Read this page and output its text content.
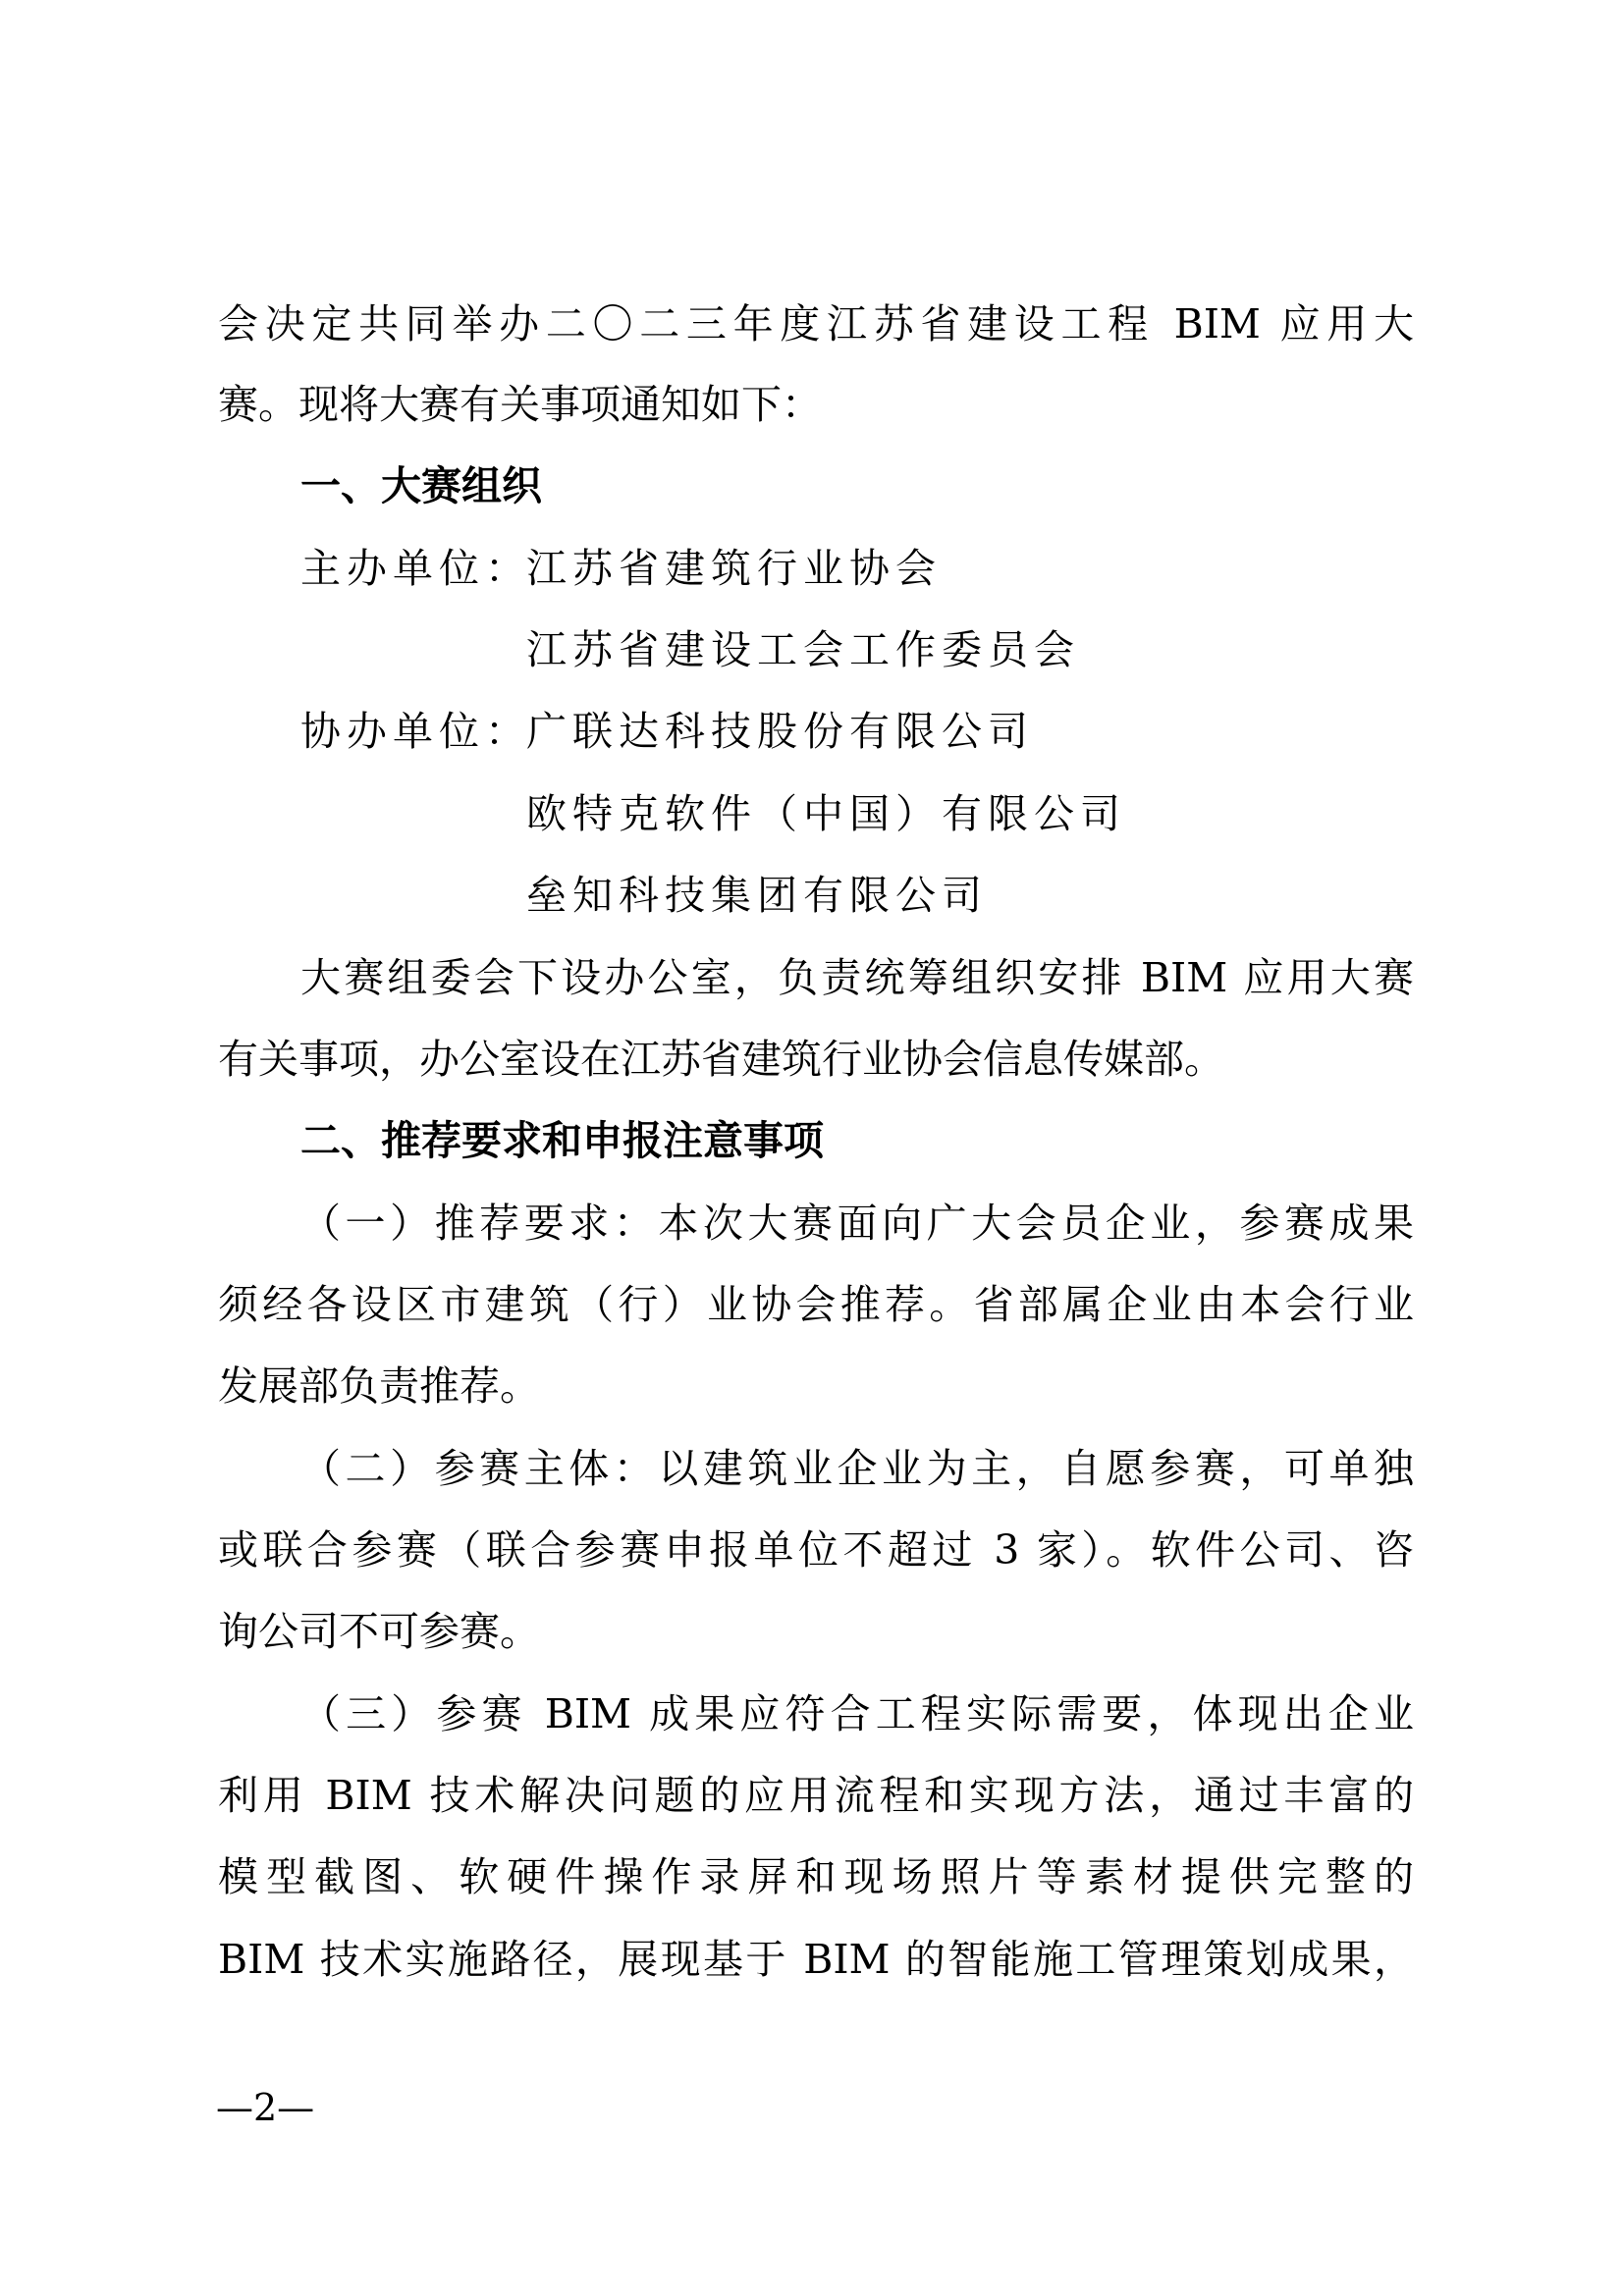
会决定共同举办二〇二三年度江苏省建设工程 BIM 应用大
赛。现将大赛有关事项通知如下：
一、大赛组织
主办单位：
江苏省建筑行业协会
江苏省建设工会工作委员会
协办单位：
广联达科技股份有限公司
欧特克软件（中国）有限公司
垒知科技集团有限公司
大赛组委会下设办公室，负责统筹组织安排 BIM 应用大赛
有关事项，办公室设在江苏省建筑行业协会信息传媒部。
二、推荐要求和申报注意事项
（一）推荐要求：本次大赛面向广大会员企业，参赛成果
须经各设区市建筑（行）业协会推荐。省部属企业由本会行业
发展部负责推荐。
（二）参赛主体：以建筑业企业为主，自愿参赛，可单独
或联合参赛（联合参赛申报单位不超过 3 家）。软件公司、咨
询公司不可参赛。
（三）参赛 BIM 成果应符合工程实际需要，体现出企业
利用 BIM 技术解决问题的应用流程和实现方法，通过丰富的
模型截图、软硬件操作录屏和现场照片等素材提供完整的
BIM 技术实施路径，展现基于 BIM 的智能施工管理策划成果，
—2—
